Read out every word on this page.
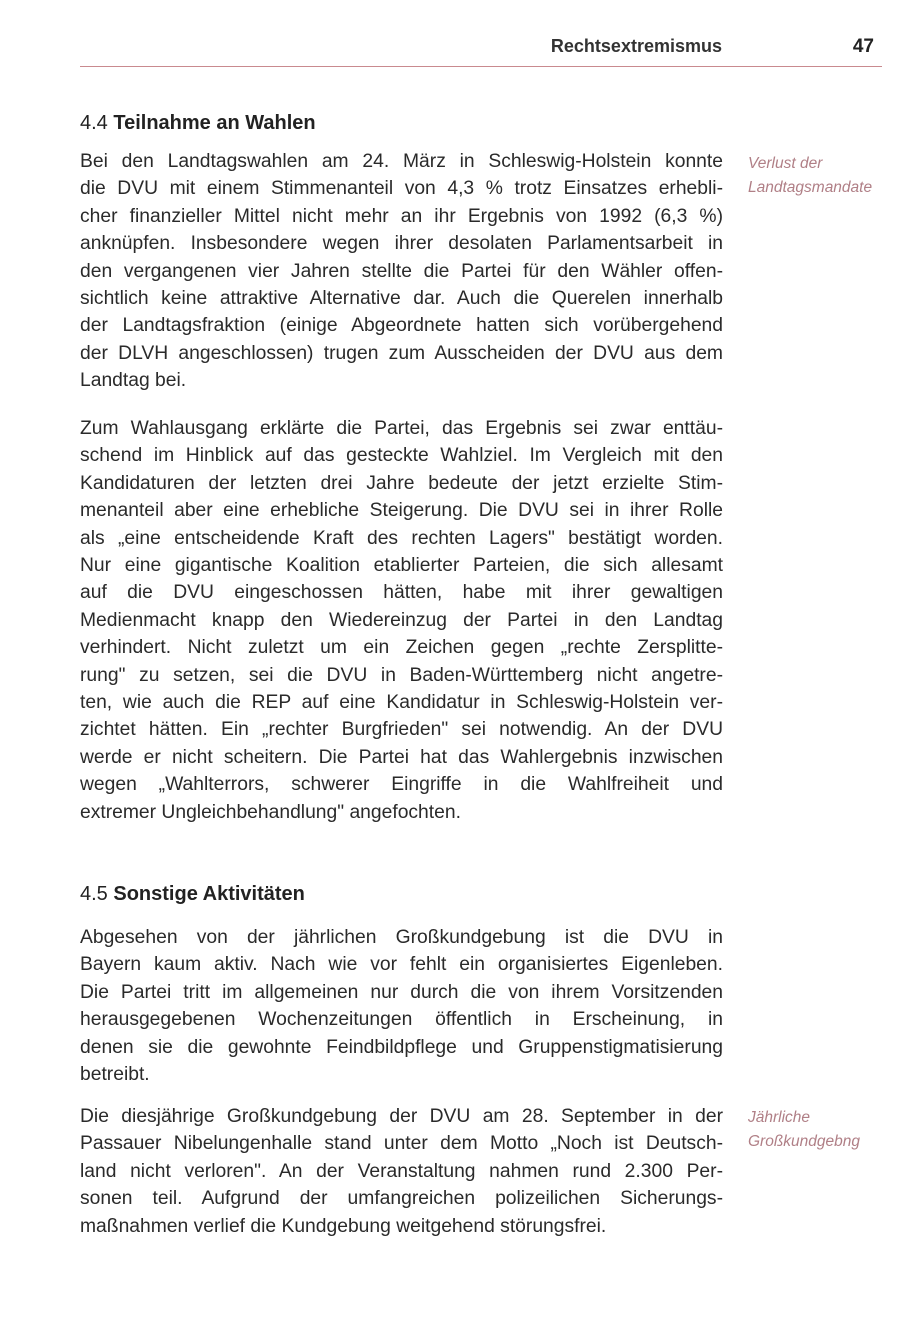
Rechtsextremismus	47
4.4 Teilnahme an Wahlen
Bei den Landtagswahlen am 24. März in Schleswig-Holstein konnte
die DVU mit einem Stimmenanteil von 4,3 % trotz Einsatzes erhebli-
cher finanzieller Mittel nicht mehr an ihr Ergebnis von 1992 (6,3 %)
anknüpfen. Insbesondere wegen ihrer desolaten Parlamentsarbeit in
den vergangenen vier Jahren stellte die Partei für den Wähler offen-
sichtlich keine attraktive Alternative dar. Auch die Querelen innerhalb
der Landtagsfraktion (einige Abgeordnete hatten sich vorübergehend
der DLVH angeschlossen) trugen zum Ausscheiden der DVU aus dem
Landtag bei.
Verlust der
Landtagsmandate
Zum Wahlausgang erklärte die Partei, das Ergebnis sei zwar enttäu-
schend im Hinblick auf das gesteckte Wahlziel. Im Vergleich mit den
Kandidaturen der letzten drei Jahre bedeute der jetzt erzielte Stim-
menanteil aber eine erhebliche Steigerung. Die DVU sei in ihrer Rolle
als „eine entscheidende Kraft des rechten Lagers" bestätigt worden.
Nur eine gigantische Koalition etablierter Parteien, die sich allesamt
auf die DVU eingeschossen hätten, habe mit ihrer gewaltigen
Medienmacht knapp den Wiedereinzug der Partei in den Landtag
verhindert. Nicht zuletzt um ein Zeichen gegen „rechte Zersplitte-
rung" zu setzen, sei die DVU in Baden-Württemberg nicht angetre-
ten, wie auch die REP auf eine Kandidatur in Schleswig-Holstein ver-
zichtet hätten. Ein „rechter Burgfrieden" sei notwendig. An der DVU
werde er nicht scheitern. Die Partei hat das Wahlergebnis inzwischen
wegen „Wahlterrors, schwerer Eingriffe in die Wahlfreiheit und
extremer Ungleichbehandlung" angefochten.
4.5 Sonstige Aktivitäten
Abgesehen von der jährlichen Großkundgebung ist die DVU in
Bayern kaum aktiv. Nach wie vor fehlt ein organisiertes Eigenleben.
Die Partei tritt im allgemeinen nur durch die von ihrem Vorsitzenden
herausgegebenen Wochenzeitungen öffentlich in Erscheinung, in
denen sie die gewohnte Feindbildpflege und Gruppenstigmatisierung
betreibt.
Die diesjährige Großkundgebung der DVU am 28. September in der
Passauer Nibelungenhalle stand unter dem Motto „Noch ist Deutsch-
land nicht verloren". An der Veranstaltung nahmen rund 2.300 Per-
sonen teil. Aufgrund der umfangreichen polizeilichen Sicherungs-
maßnahmen verlief die Kundgebung weitgehend störungsfrei.
Jährliche
Großkundgebng
